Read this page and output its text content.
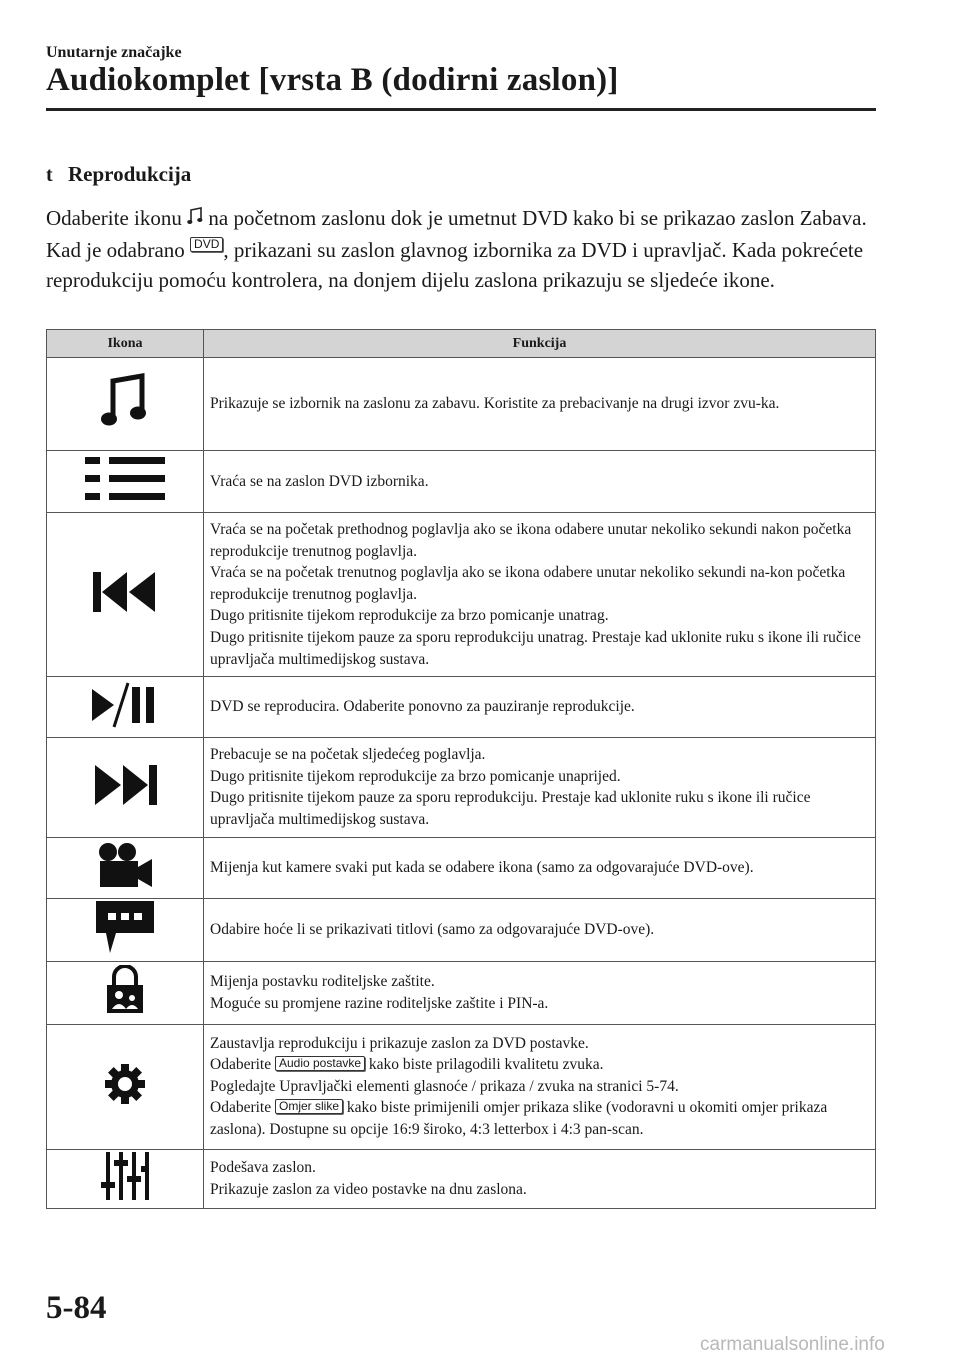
Unutarnje značajke
Audiokomplet [vrsta B (dodirni zaslon)]
t Reprodukcija
Odaberite ikonu  na početnom zaslonu dok je umetnut DVD kako bi se prikazao zaslon Zabava. Kad je odabrano DVD , prikazani su zaslon glavnog izbornika za DVD i upravljač. Kada pokrećete reprodukciju pomoću kontrolera, na donjem dijelu zaslona prikazuju se sljedeće ikone.
Ikona	Funkcija

Prikazuje se izbornik na zaslonu za zabavu. Koristite za prebacivanje na drugi izvor zvu-ka.

Vraća se na zaslon DVD izbornika.

Vraća se na početak prethodnog poglavlja ako se ikona odabere unutar nekoliko sekundi nakon početka reprodukcije trenutnog poglavlja.
Vraća se na početak trenutnog poglavlja ako se ikona odabere unutar nekoliko sekundi na-kon početka reprodukcije trenutnog poglavlja.
Dugo pritisnite tijekom reprodukcije za brzo pomicanje unatrag.
Dugo pritisnite tijekom pauze za sporu reprodukciju unatrag. Prestaje kad uklonite ruku s ikone ili ručice upravljača multimedijskog sustava.

DVD se reproducira. Odaberite ponovno za pauziranje reprodukcije.

Prebacuje se na početak sljedećeg poglavlja.
Dugo pritisnite tijekom reprodukcije za brzo pomicanje unaprijed.
Dugo pritisnite tijekom pauze za sporu reprodukciju. Prestaje kad uklonite ruku s ikone ili ručice upravljača multimedijskog sustava.

Mijenja kut kamere svaki put kada se odabere ikona (samo za odgovarajuće DVD-ove).

Odabire hoće li se prikazivati titlovi (samo za odgovarajuće DVD-ove).

Mijenja postavku roditeljske zaštite.
Moguće su promjene razine roditeljske zaštite i PIN-a.

Zaustavlja reprodukciju i prikazuje zaslon za DVD postavke.
Odaberite Audio postavke kako biste prilagodili kvalitetu zvuka.
Pogledajte Upravljački elementi glasnoće / prikaza / zvuka na stranici 5-74.
Odaberite Omjer slike kako biste primijenili omjer prikaza slike (vodoravni u okomiti omjer prikaza zaslona). Dostupne su opcije 16:9 široko, 4:3 letterbox i 4:3 pan-scan.

Podešava zaslon.
Prikazuje zaslon za video postavke na dnu zaslona.
5-84
carmanualsonline.info
